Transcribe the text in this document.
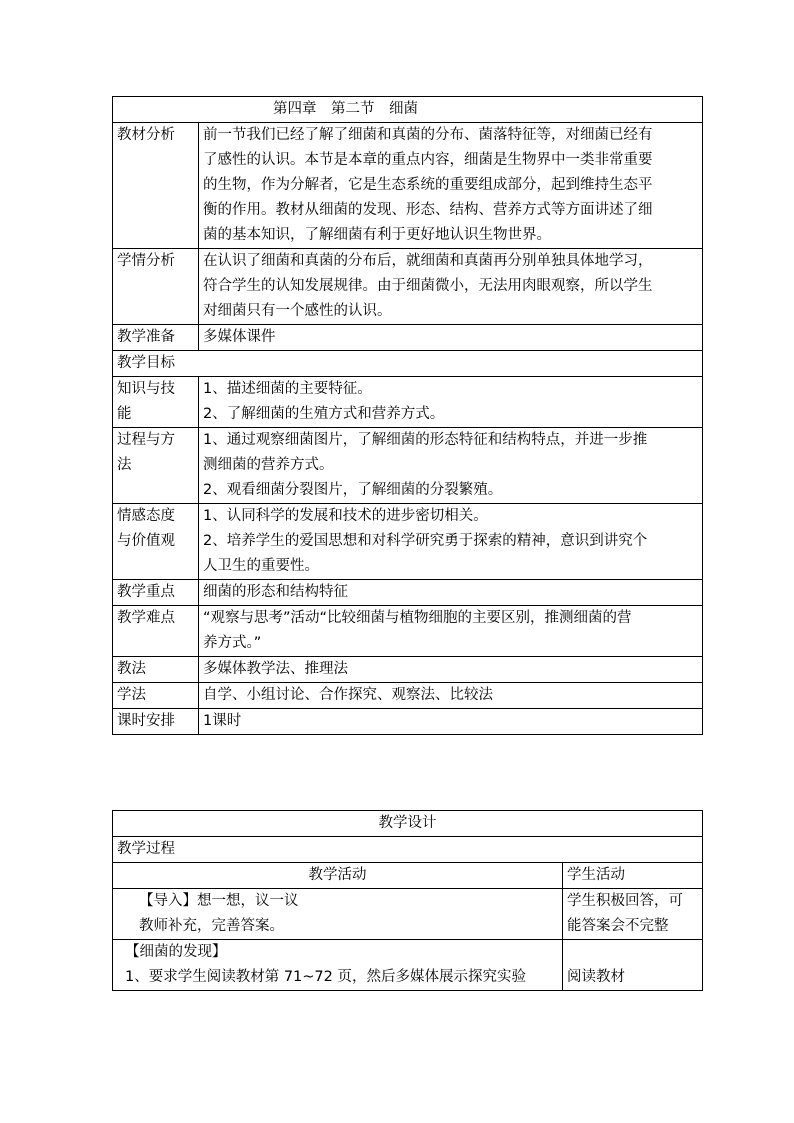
第四章　第二节　细菌	
教材分析	前一节我们已经了解了细菌和真菌的分布、菌落特征等，对细菌已经有
了感性的认识。本节是本章的重点内容，细菌是生物界中一类非常重要
的生物，作为分解者，它是生态系统的重要组成部分，起到维持生态平
衡的作用。教材从细菌的发现、形态、结构、营养方式等方面讲述了细
菌的基本知识，了解细菌有利于更好地认识生物世界。

学情分析	在认识了细菌和真菌的分布后，就细菌和真菌再分别单独具体地学习，
符合学生的认知发展规律。由于细菌微小，无法用肉眼观察，所以学生
对细菌只有一个感性的认识。

教学准备	多媒体课件
教学目标	

知识与技
能	1、描述细菌的主要特征。
2、了解细菌的生殖方式和营养方式。

过程与方
法	1、通过观察细菌图片，了解细菌的形态特征和结构特点，并进一步推
测细菌的营养方式。
2、观看细菌分裂图片，了解细菌的分裂繁殖。

情感态度
与价值观	1、认同科学的发展和技术的进步密切相关。
2、培养学生的爱国思想和对科学研究勇于探索的精神，意识到讲究个
人卫生的重要性。

教学重点	细菌的形态和结构特征
教学难点	“观察与思考”活动“比较细菌与植物细胞的主要区别，推测细菌的营
养方式。”

教法	多媒体教学法、推理法
学法	自学、小组讨论、合作探究、观察法、比较法
课时安排	1课时
教学设计	
教学过程	
教学活动	学生活动

【导入】想一想，议一议
教师补充，完善答案。	学生积极回答，可
能答案会不完整

【细菌的发现】
1、要求学生阅读教材第 71~72 页，然后多媒体展示探究实验	阅读教材
